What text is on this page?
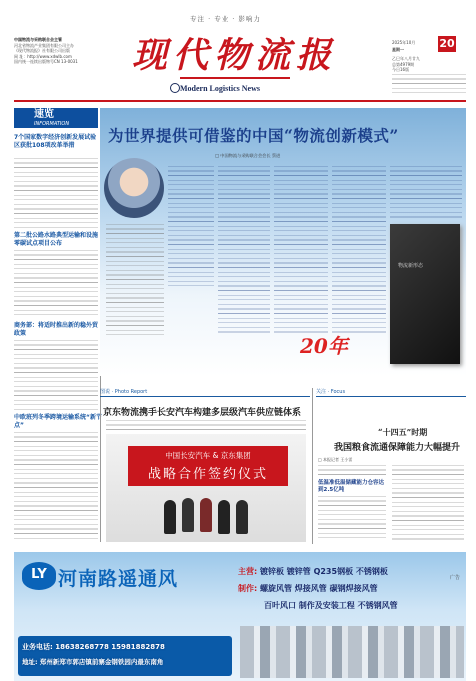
专注 · 专业 · 影响力
现代物流报
Modern Logistics News
中国物流与采购联合会主管
河北省物流产业集团有限公司主办
《现代物流报》社有限公司出版
网 址：http://www.xdwlb.com
国内统一连续出版物号CN 13-0031
2025年10月 20
星期一
乙巳年八月廿九
总第4979期
今日16版
速览
INFORMATION
7个国家数字经济创新发展试验区获批108项改革举措
第二批公路水路典型运输和设施零碳试点项目公布
商务部：将适时推出新的稳外贸政策
中欧班列冬季跨境运输系统“新节点”
为世界提供可借鉴的中国“物流创新模式”
□ 中国物流与采购联合会会长 蔡进
物流新形态
20年
图说 · Photo Report
京东物流携手长安汽车构建多层级汽车供应链体系
中国长安汽车 & 京东集团
战略合作签约仪式
关注 · Focus
“十四五”时期
我国粮食流通保障能力大幅提升
□ 本报记者 王小雷
低温准低温储藏能力仓容达到2.5亿吨
LY 河南路遥通风	广告
主营: 镀锌板 镀锌管 Q235钢板 不锈钢板
制作: 螺旋风管 焊接风管 碳钢焊接风管
百叶风口 制作及安装工程 不锈钢风管
业务电话: 18638268778 15981882878
地址: 郑州新郑市郭店镇前寨金钢铁园内最东南角
